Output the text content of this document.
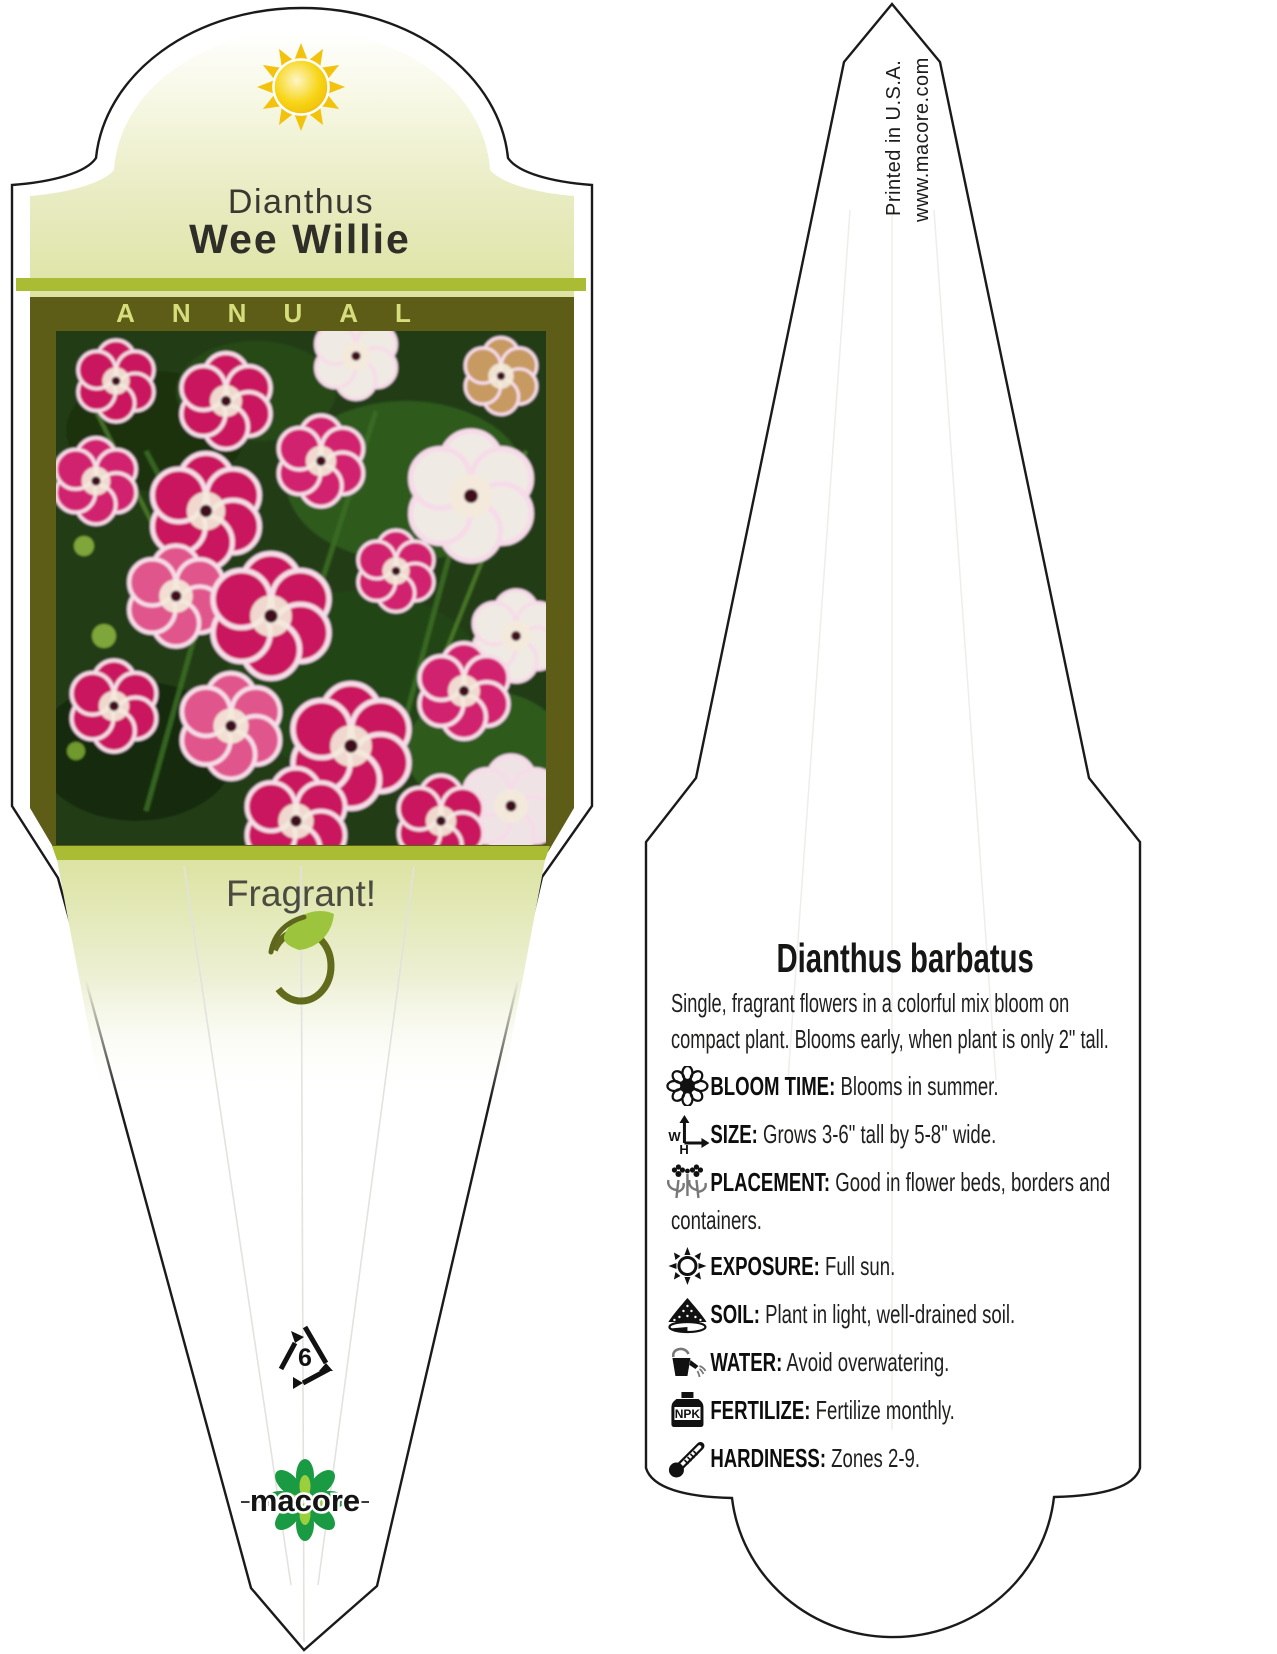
Dianthus
Wee Willie
ANNUAL
Fragrant!
6
macore
Printed in U.S.A. www.macore.com
Dianthus barbatus

Single, fragrant flowers in a colorful mix bloom on compact plant. Blooms early, when plant is only 2" tall.

BLOOM TIME: Blooms in summer.
W
H
SIZE: Grows 3-6" tall by 5-8" wide.
PLACEMENT: Good in flower beds, borders and containers.
EXPOSURE: Full sun.
SOIL: Plant in light, well-drained soil.
WATER: Avoid overwatering.
NPK FERTILIZE: Fertilize monthly.
HARDINESS: Zones 2-9.
